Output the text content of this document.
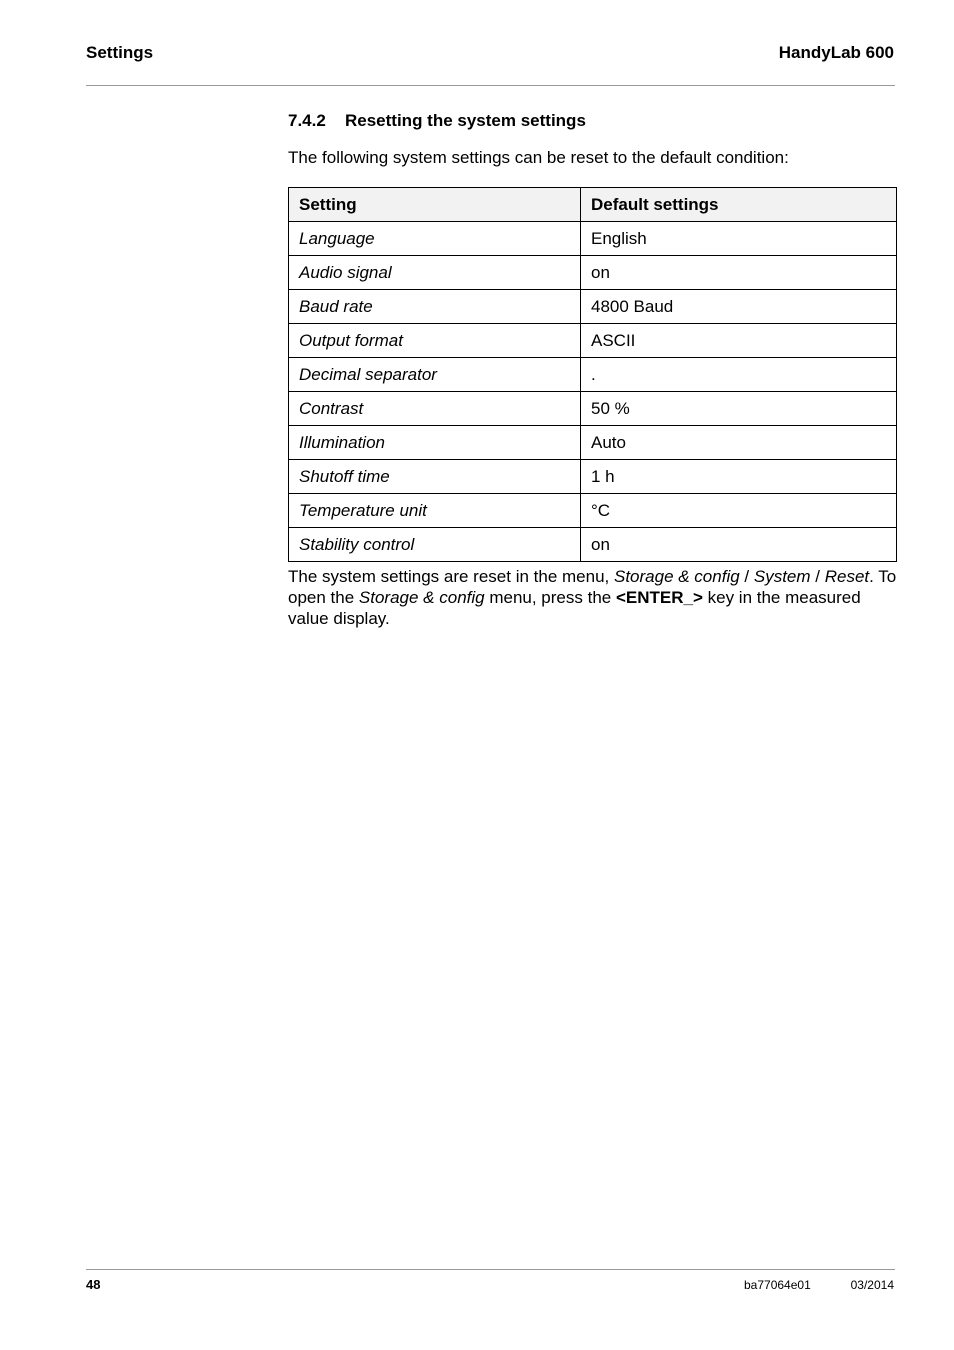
Settings	HandyLab 600
7.4.2 Resetting the system settings
The following system settings can be reset to the default condition:
Setting	Default settings
Language	English
Audio signal	on
Baud rate	4800 Baud
Output format	ASCII
Decimal separator	.
Contrast	50 %
Illumination	Auto
Shutoff time	1 h
Temperature unit	°C
Stability control	on
The system settings are reset in the menu, Storage & config / System / Reset. To open the Storage & config menu, press the <ENTER_> key in the measured value display.
48	ba77064e01	03/2014
